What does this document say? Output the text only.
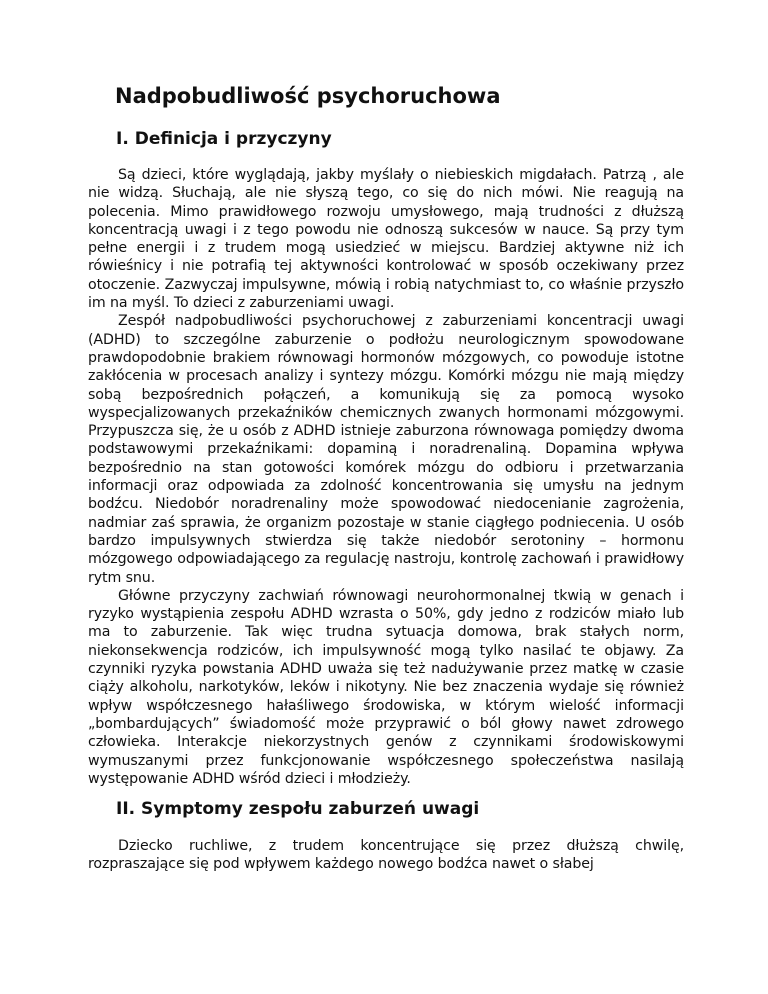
Nadpobudliwość psychoruchowa
I. Definicja i przyczyny

Są dzieci, które wyglądają, jakby myślały o niebieskich migdałach. Patrzą , ale nie widzą. Słuchają, ale nie słyszą tego, co się do nich mówi. Nie reagują na polecenia. Mimo prawidłowego rozwoju umysłowego, mają trudności z dłuższą koncentracją uwagi i z tego powodu nie odnoszą sukcesów w nauce. Są przy tym pełne energii i z trudem mogą usiedzieć w miejscu. Bardziej aktywne niż ich rówieśnicy i nie potrafią tej aktywności kontrolować w sposób oczekiwany przez otoczenie. Zazwyczaj impulsywne, mówią i robią natychmiast to, co właśnie przyszło im na myśl. To dzieci z zaburzeniami uwagi.

Zespół nadpobudliwości psychoruchowej z zaburzeniami koncentracji uwagi (ADHD) to szczególne zaburzenie o podłożu neurologicznym spowodowane prawdopodobnie brakiem równowagi hormonów mózgowych, co powoduje istotne zakłócenia w procesach analizy i syntezy mózgu. Komórki mózgu nie mają między sobą bezpośrednich połączeń, a komunikują się za pomocą wysoko wyspecjalizowanych przekaźników chemicznych zwanych hormonami mózgowymi. Przypuszcza się, że u osób z ADHD istnieje zaburzona równowaga pomiędzy dwoma podstawowymi przekaźnikami: dopaminą i noradrenaliną. Dopamina wpływa bezpośrednio na stan gotowości komórek mózgu do odbioru i przetwarzania informacji oraz odpowiada za zdolność koncentrowania się umysłu na jednym bodźcu. Niedobór noradrenaliny może spowodować niedocenianie zagrożenia, nadmiar zaś sprawia, że organizm pozostaje w stanie ciągłego podniecenia. U osób bardzo impulsywnych stwierdza się także niedobór serotoniny – hormonu mózgowego odpowiadającego za regulację nastroju, kontrolę zachowań i prawidłowy rytm snu.

Główne przyczyny zachwiań równowagi neurohormonalnej tkwią w genach i ryzyko wystąpienia zespołu ADHD wzrasta o 50%, gdy jedno z rodziców miało lub ma to zaburzenie. Tak więc trudna sytuacja domowa, brak stałych norm, niekonsekwencja rodziców, ich impulsywność mogą tylko nasilać te objawy. Za czynniki ryzyka powstania ADHD uważa się też nadużywanie przez matkę w czasie ciąży alkoholu, narkotyków, leków i nikotyny. Nie bez znaczenia wydaje się również wpływ współczesnego hałaśliwego środowiska, w którym wielość informacji „bombardujących” świadomość może przyprawić o ból głowy nawet zdrowego człowieka. Interakcje niekorzystnych genów z czynnikami środowiskowymi wymuszanymi przez funkcjonowanie współczesnego społeczeństwa nasilają występowanie ADHD wśród dzieci i młodzieży.

II. Symptomy zespołu zaburzeń uwagi

Dziecko ruchliwe, z trudem koncentrujące się przez dłuższą chwilę, rozpraszające się pod wpływem każdego nowego bodźca nawet o słabej
